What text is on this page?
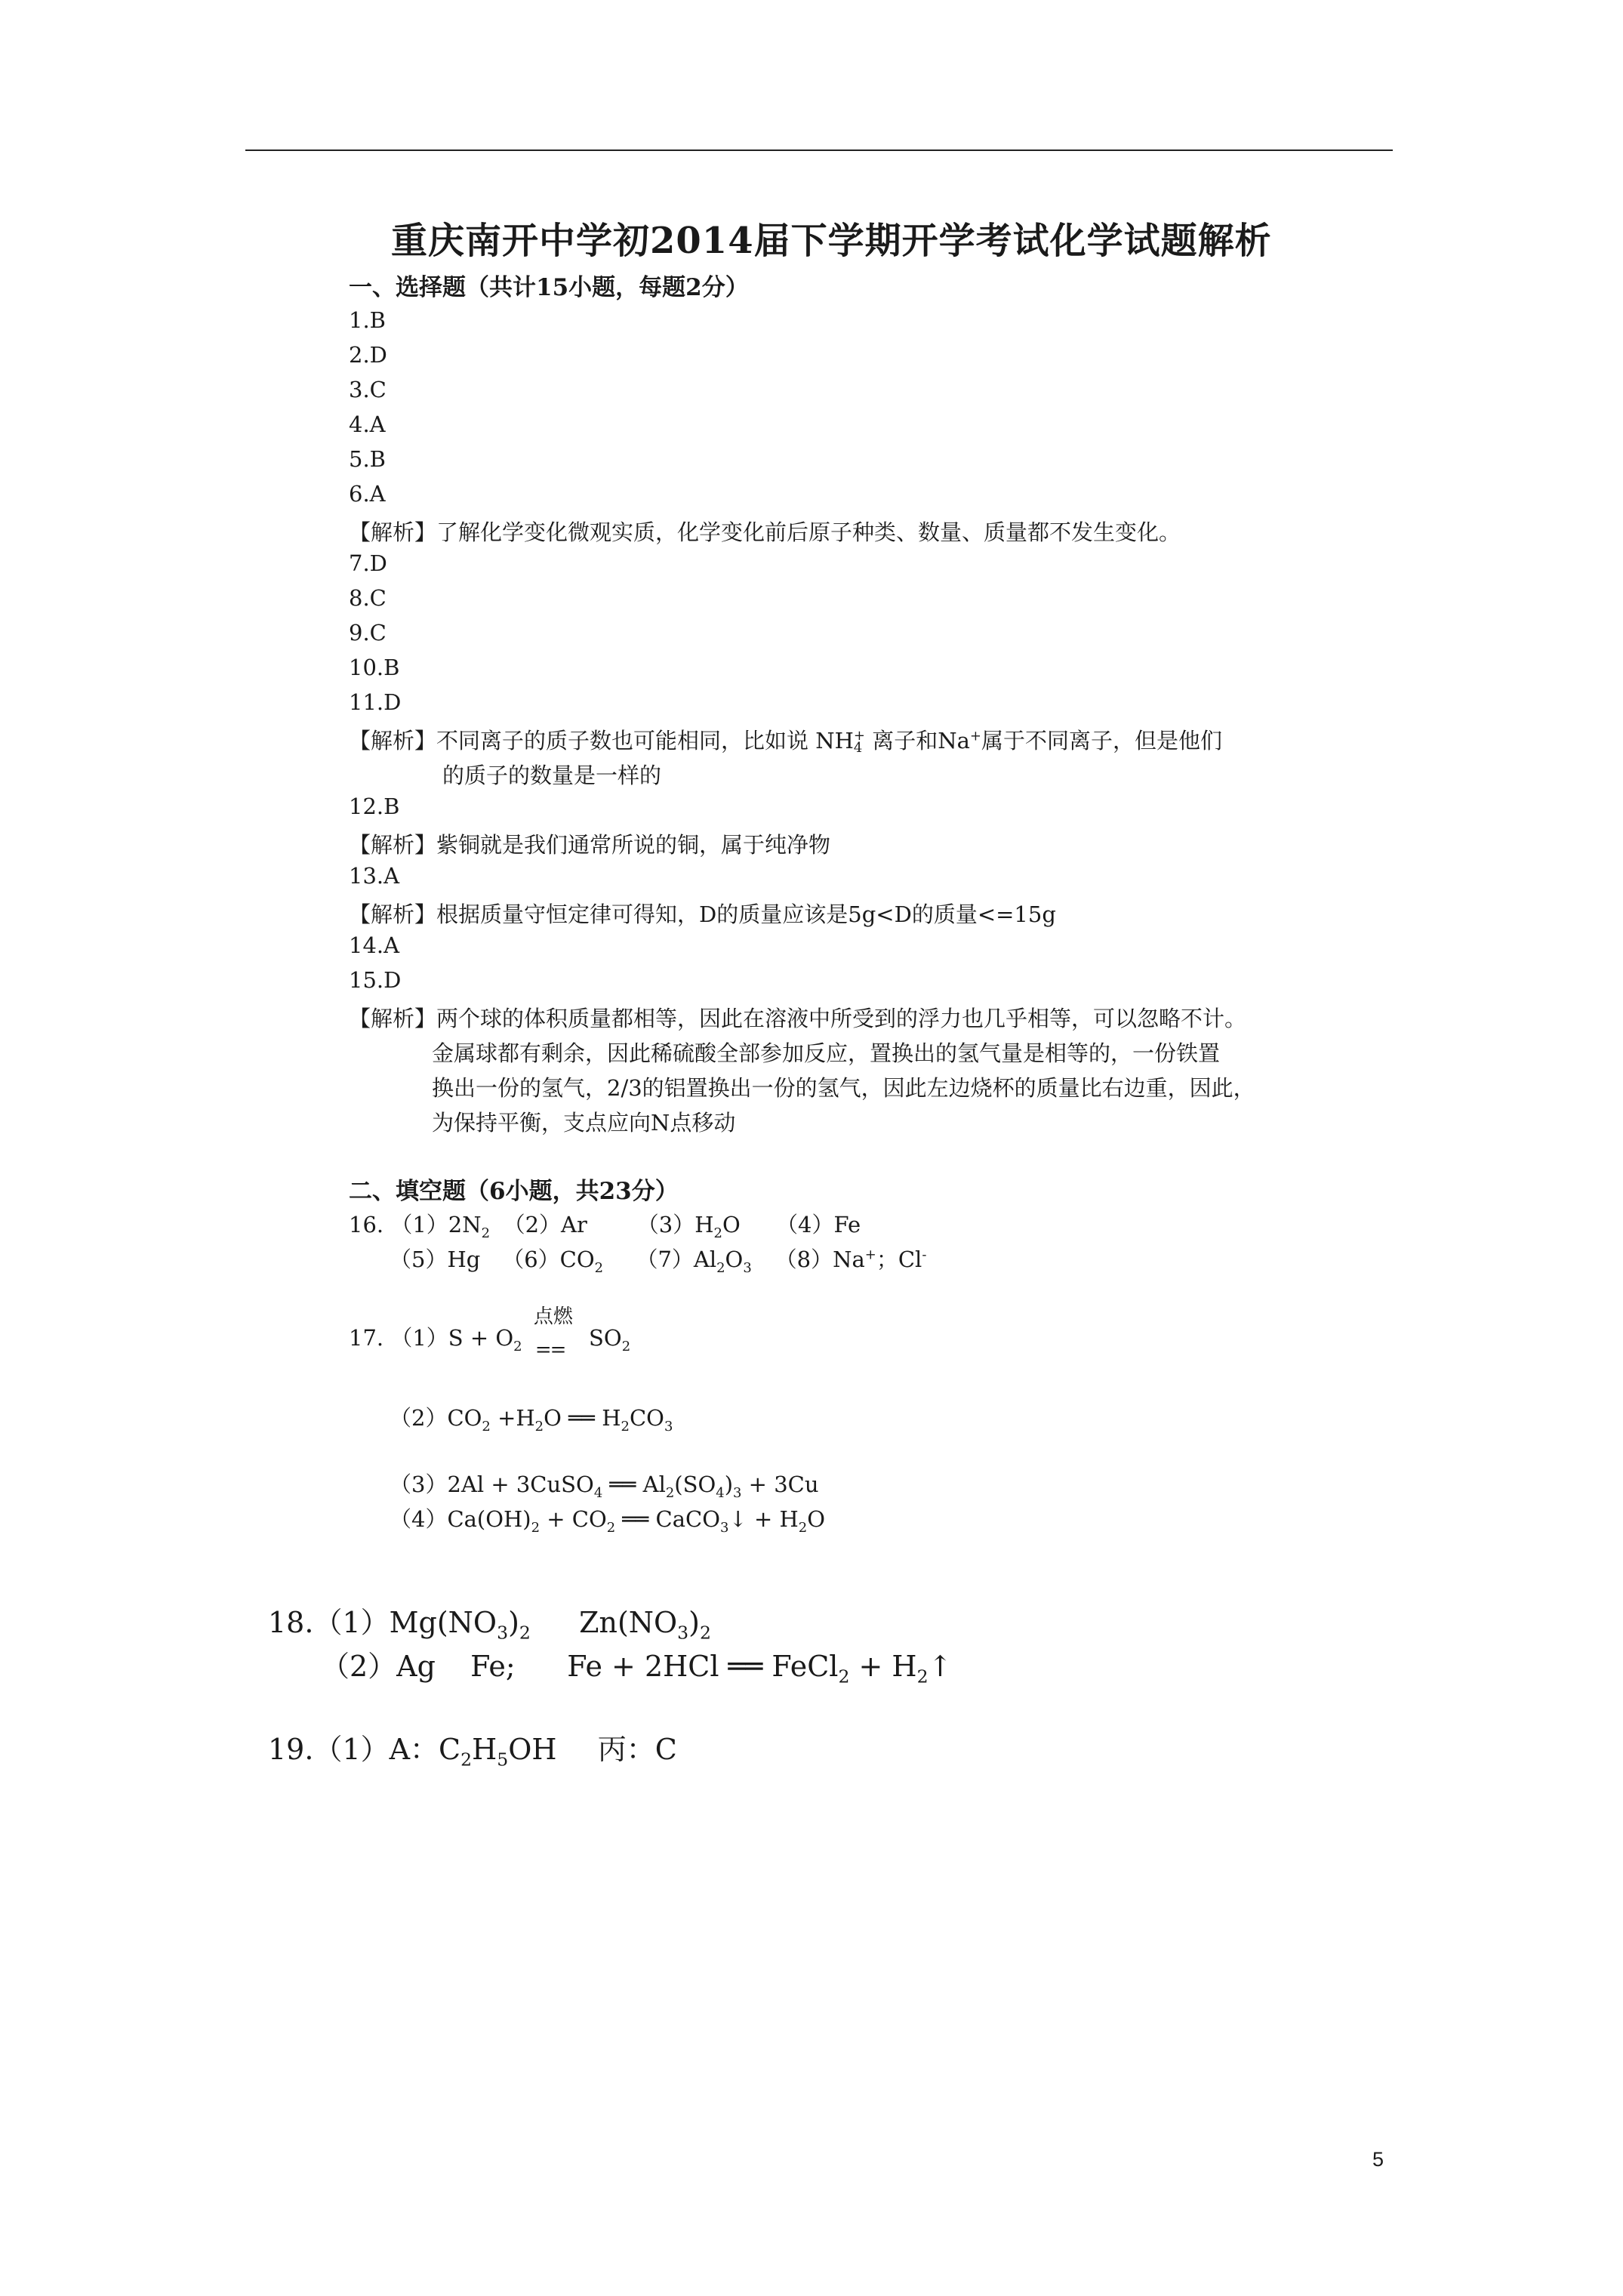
重庆南开中学初2014届下学期开学考试化学试题解析
一、选择题（共计15小题，每题2分）
1.B
2.D
3.C
4.A
5.B
6.A
【解析】了解化学变化微观实质，化学变化前后原子种类、数量、质量都不发生变化。
7.D
8.C
9.C
10.B
11.D
【解析】不同离子的质子数也可能相同，比如说 NH +
4 离子和Na+属于不同离子，但是他们
的质子的数量是一样的
12.B
【解析】紫铜就是我们通常所说的铜，属于纯净物
13.A
【解析】根据质量守恒定律可得知，D的质量应该是5g<D的质量<=15g
14.A
15.D
【解析】两个球的体积质量都相等，因此在溶液中所受到的浮力也几乎相等，可以忽略不计。
金属球都有剩余，因此稀硫酸全部参加反应，置换出的氢气量是相等的，一份铁置
换出一份的氢气，2/3的铝置换出一份的氢气，因此左边烧杯的质量比右边重，因此，
为保持平衡，支点应向N点移动
二、填空题（6小题，共23分）
16. $(1)2N_2$ （2）Ar $(3)H_2O$ （4）Fe
（5）Hg $(6)CO_2$ $(7)Al_2O_3$ （8）Na+；Cl-
17. $(1)S + O_2$
点燃
== $SO_2$
$(2)CO_2 +H_2O$ ══ $H_2CO_3$
（3）2Al + 3CuSO$_4$ ══ $Al_2(SO_4)_3 + 3Cu$
$(4)Ca(OH)_2 + CO_2$ ══ CaCO$_3$↓ + $H_2O$
$18.(1)Mg(NO_3)_2$ $Zn(NO_3)_2$
（2）Ag Fe; Fe + 2HCl ══ FeCl$_2$ + $H_2↑$
19.（1）A：$C_2H_5OH$ 丙：C
5
